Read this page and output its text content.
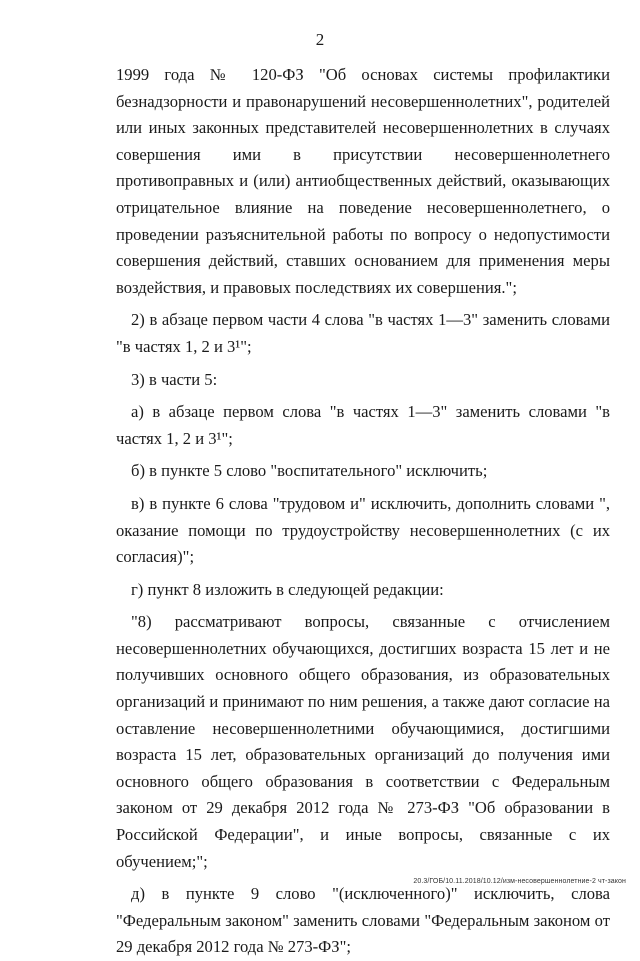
2

1999 года № 120-ФЗ "Об основах системы профилактики безнадзорности и правонарушений несовершеннолетних", родителей или иных законных представителей несовершеннолетних в случаях совершения ими в присутствии несовершеннолетнего противоправных и (или) антиобщественных действий, оказывающих отрицательное влияние на поведение несовершеннолетнего, о проведении разъяснительной работы по вопросу о недопустимости совершения действий, ставших основанием для применения меры воздействия, и правовых последствиях их совершения.";

2) в абзаце первом части 4 слова "в частях 1—3" заменить словами "в частях 1, 2 и 3¹";

3) в части 5:

а) в абзаце первом слова "в частях 1—3" заменить словами "в частях 1, 2 и 3¹";

б) в пункте 5 слово "воспитательного" исключить;

в) в пункте 6 слова "трудовом и" исключить, дополнить словами ", оказание помощи по трудоустройству несовершеннолетних (с их согласия)";

г) пункт 8 изложить в следующей редакции:

"8) рассматривают вопросы, связанные с отчислением несовершеннолетних обучающихся, достигших возраста 15 лет и не получивших основного общего образования, из образовательных организаций и принимают по ним решения, а также дают согласие на оставление несовершеннолетними обучающимися, достигшими возраста 15 лет, образовательных организаций до получения ими основного общего образования в соответствии с Федеральным законом от 29 декабря 2012 года № 273-ФЗ "Об образовании в Российской Федерации", и иные вопросы, связанные с их обучением;";

д) в пункте 9 слово "(исключенного)" исключить, слова "Федеральным законом" заменить словами "Федеральным законом от 29 декабря 2012 года № 273-ФЗ";

20.3/ГОБ/10.11.2018/10.12/изм-несовершеннолетние-2 чт-закон
